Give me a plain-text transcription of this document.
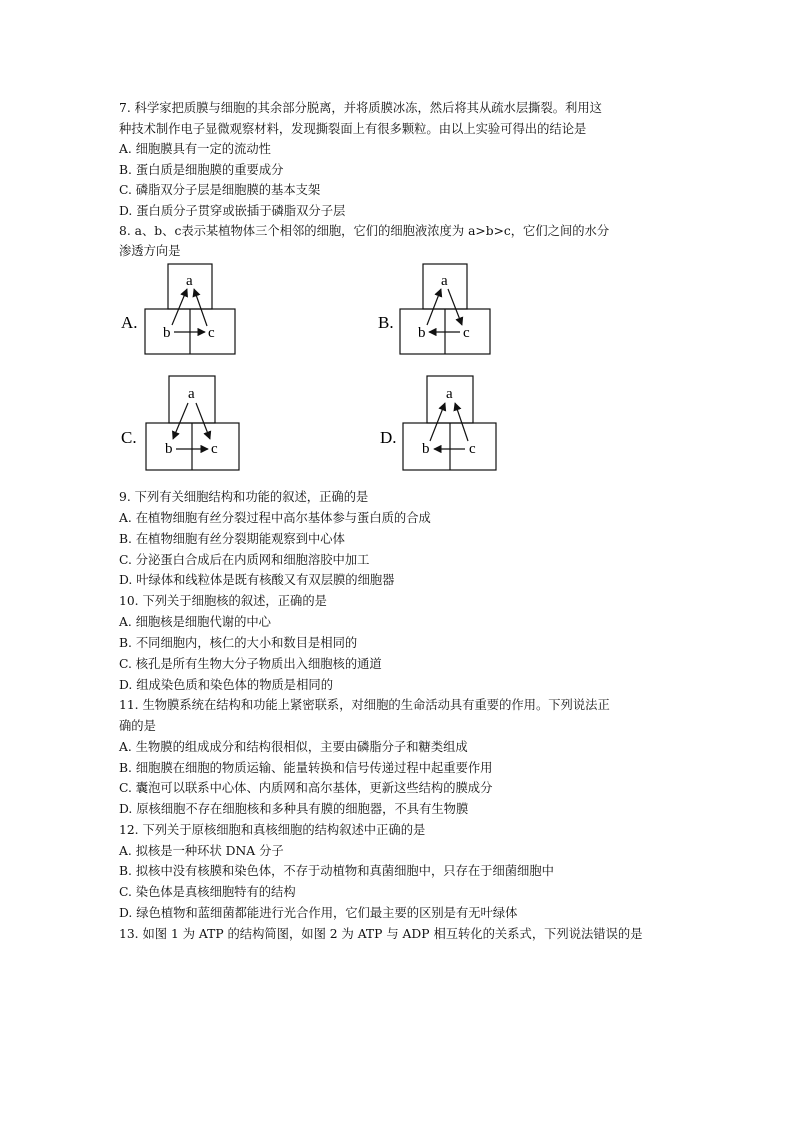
7. 科学家把质膜与细胞的其余部分脱离，并将质膜冰冻，然后将其从疏水层撕裂。利用这
种技术制作电子显微观察材料，发现撕裂面上有很多颗粒。由以上实验可得出的结论是
A. 细胞膜具有一定的流动性
B. 蛋白质是细胞膜的重要成分
C. 磷脂双分子层是细胞膜的基本支架
D. 蛋白质分子贯穿或嵌插于磷脂双分子层
8. a、b、c表示某植物体三个相邻的细胞，它们的细胞液浓度为 a>b>c，它们之间的水分
渗透方向是
A.
a
b	c
B.
a
b	c
C.
a
b	c
D.
a
b	c
9. 下列有关细胞结构和功能的叙述，正确的是
A. 在植物细胞有丝分裂过程中高尔基体参与蛋白质的合成
B. 在植物细胞有丝分裂期能观察到中心体
C. 分泌蛋白合成后在内质网和细胞溶胶中加工
D. 叶绿体和线粒体是既有核酸又有双层膜的细胞器
10. 下列关于细胞核的叙述，正确的是
A. 细胞核是细胞代谢的中心
B. 不同细胞内，核仁的大小和数目是相同的
C. 核孔是所有生物大分子物质出入细胞核的通道
D. 组成染色质和染色体的物质是相同的
11. 生物膜系统在结构和功能上紧密联系，对细胞的生命活动具有重要的作用。下列说法正
确的是
A. 生物膜的组成成分和结构很相似，主要由磷脂分子和糖类组成
B. 细胞膜在细胞的物质运输、能量转换和信号传递过程中起重要作用
C. 囊泡可以联系中心体、内质网和高尔基体，更新这些结构的膜成分
D. 原核细胞不存在细胞核和多种具有膜的细胞器，不具有生物膜
12. 下列关于原核细胞和真核细胞的结构叙述中正确的是
A. 拟核是一种环状 DNA 分子
B. 拟核中没有核膜和染色体，不存于动植物和真菌细胞中，只存在于细菌细胞中
C. 染色体是真核细胞特有的结构
D. 绿色植物和蓝细菌都能进行光合作用，它们最主要的区别是有无叶绿体
13. 如图 1 为 ATP 的结构简图，如图 2 为 ATP 与 ADP 相互转化的关系式，下列说法错误的是
